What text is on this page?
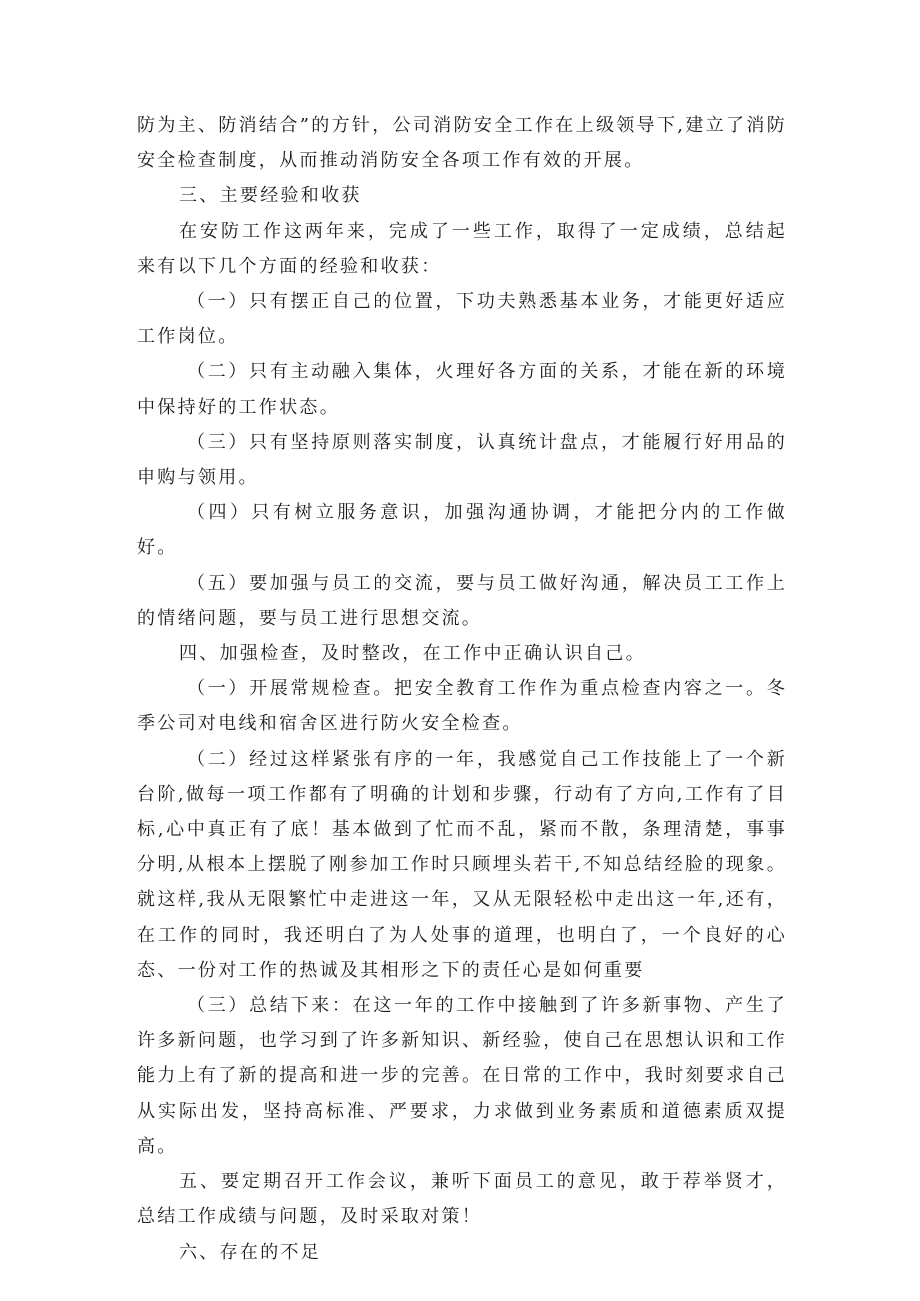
防为主、防消结合”的方针，公司消防安全工作在上级领导下,建立了消防安全检查制度，从而推动消防安全各项工作有效的开展。

三、主要经验和收获

在安防工作这两年来，完成了一些工作，取得了一定成绩，总结起来有以下几个方面的经验和收获：

（一）只有摆正自己的位置，下功夫熟悉基本业务，才能更好适应工作岗位。

（二）只有主动融入集体，火理好各方面的关系，才能在新的环境中保持好的工作状态。

（三）只有坚持原则落实制度，认真统计盘点，才能履行好用品的申购与领用。

（四）只有树立服务意识，加强沟通协调，才能把分内的工作做好。

（五）要加强与员工的交流，要与员工做好沟通，解决员工工作上的情绪问题，要与员工进行思想交流。

四、加强检查，及时整改，在工作中正确认识自己。

（一）开展常规检查。把安全教育工作作为重点检查内容之一。冬季公司对电线和宿舍区进行防火安全检查。

（二）经过这样紧张有序的一年，我感觉自己工作技能上了一个新台阶,做每一项工作都有了明确的计划和步骤，行动有了方向,工作有了目标,心中真正有了底！基本做到了忙而不乱，紧而不散，条理清楚，事事分明,从根本上摆脱了刚参加工作时只顾埋头若干,不知总结经脸的现象。就这样,我从无限繁忙中走进这一年，又从无限轻松中走出这一年,还有，在工作的同时，我还明白了为人处事的道理，也明白了，一个良好的心态、一份对工作的热诚及其相形之下的责任心是如何重要

（三）总结下来：在这一年的工作中接触到了许多新事物、产生了许多新问题，也学习到了许多新知识、新经验，使自己在思想认识和工作能力上有了新的提高和进一步的完善。在日常的工作中，我时刻要求自己从实际出发，坚持高标准、严要求，力求做到业务素质和道德素质双提高。

五、要定期召开工作会议，兼听下面员工的意见，敢于荐举贤才，总结工作成绩与问题，及时采取对策！

六、存在的不足
